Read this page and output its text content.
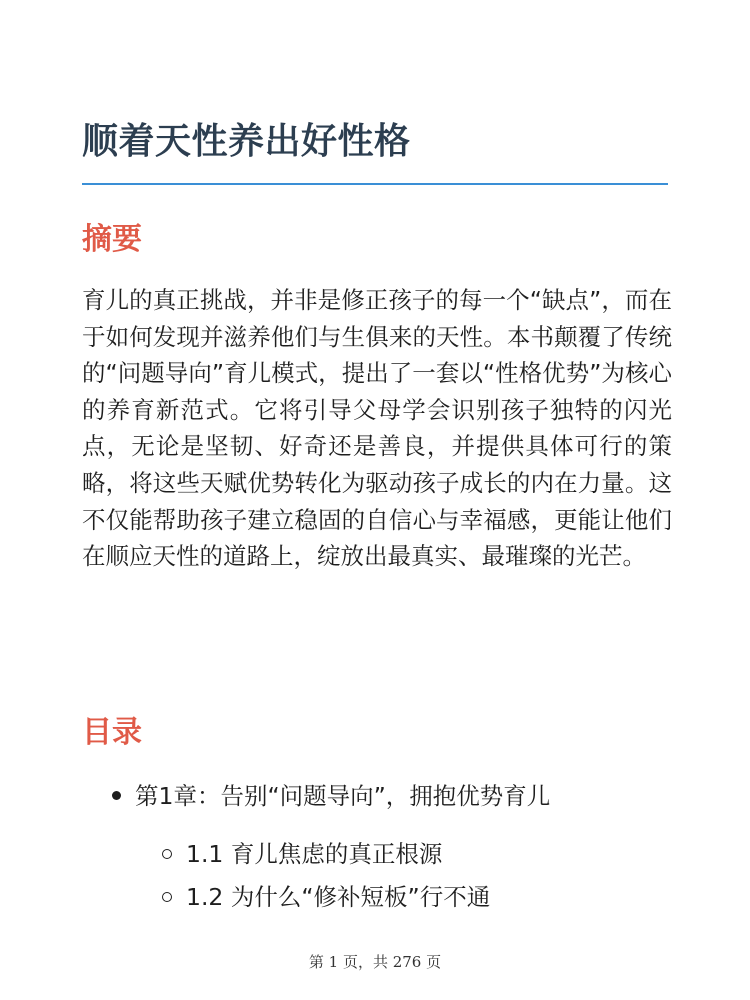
顺着天性养出好性格
摘要

育儿的真正挑战，并非是修正孩子的每一个“缺点”，而在于如何发现并滋养他们与生俱来的天性。本书颠覆了传统的“问题导向”育儿模式，提出了一套以“性格优势”为核心的养育新范式。它将引导父母学会识别孩子独特的闪光点，无论是坚韧、好奇还是善良，并提供具体可行的策略，将这些天赋优势转化为驱动孩子成长的内在力量。这不仅能帮助孩子建立稳固的自信心与幸福感，更能让他们在顺应天性的道路上，绽放出最真实、最璀璨的光芒。

目录
第1章：告别“问题导向”，拥抱优势育儿
1.1 育儿焦虑的真正根源
1.2 为什么“修补短板”行不通
第 1 页，共 276 页
